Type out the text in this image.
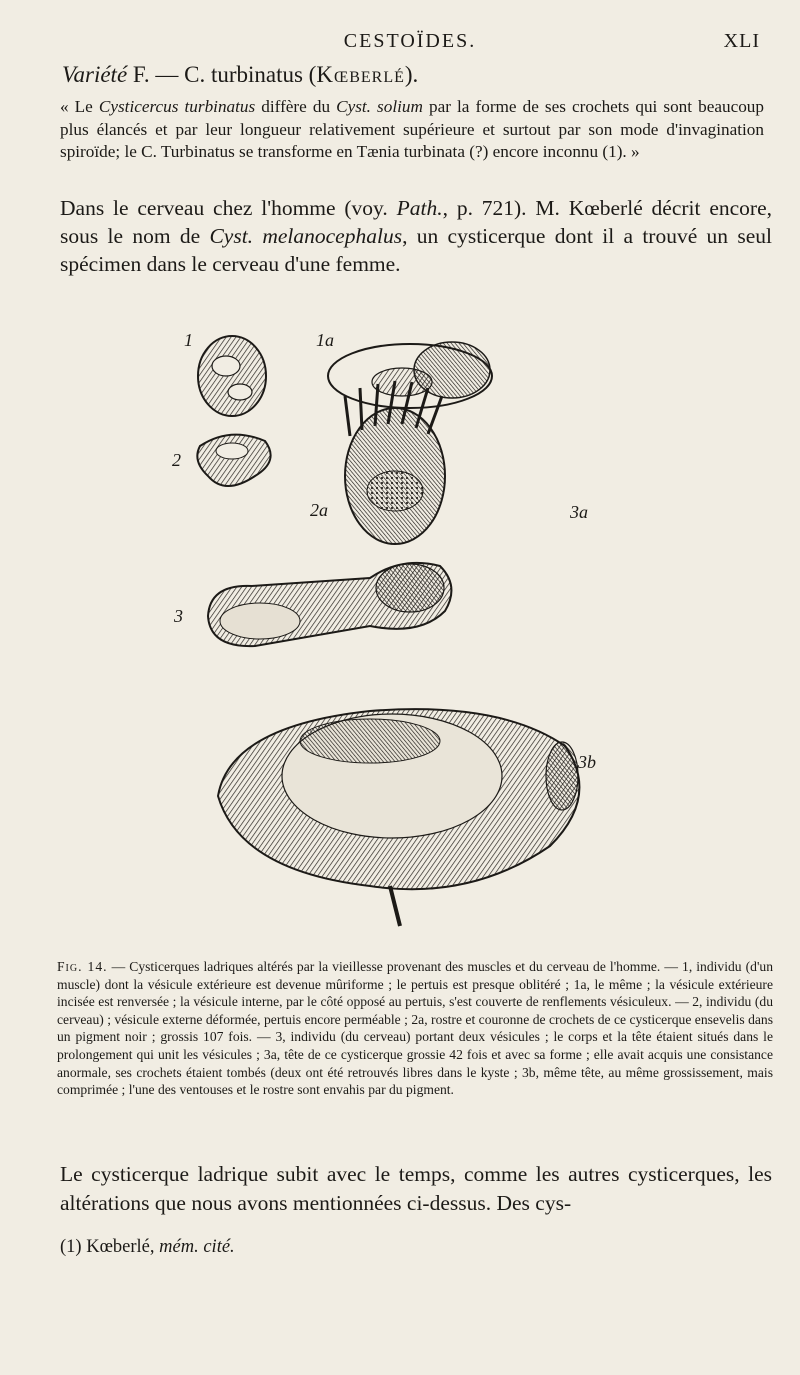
CESTOÏDES.	XLI
Variété F. — C. turbinatus (Kœberlé).

« Le Cysticercus turbinatus diffère du Cyst. solium par la forme de ses crochets qui sont beaucoup plus élancés et par leur longueur relativement supérieure et surtout par son mode d'invagination spiroïde; le C. Turbinatus se transforme en Tænia turbinata (?) encore inconnu (1). »

Dans le cerveau chez l'homme (voy. Path., p. 721). M. Kœberlé décrit encore, sous le nom de Cyst. melanocephalus, un cysticerque dont il a trouvé un seul spécimen dans le cerveau d'une femme.

1	1a
2
2a	3a
3
3b

Fig. 14. — Cysticerques ladriques altérés par la vieillesse provenant des muscles et du cerveau de l'homme. — 1, individu (d'un muscle) dont la vésicule extérieure est devenue mûriforme ; le pertuis est presque oblitéré ; 1a, le même ; la vésicule extérieure incisée est renversée ; la vésicule interne, par le côté opposé au pertuis, s'est couverte de renflements vésiculeux. — 2, individu (du cerveau) ; vésicule externe déformée, pertuis encore perméable ; 2a, rostre et couronne de crochets de ce cysticerque ensevelis dans un pigment noir ; grossis 107 fois. — 3, individu (du cerveau) portant deux vésicules ; le corps et la tête étaient situés dans le prolongement qui unit les vésicules ; 3a, tête de ce cysticerque grossie 42 fois et avec sa forme ; elle avait acquis une consistance anormale, ses crochets étaient tombés (deux ont été retrouvés libres dans le kyste ; 3b, même tête, au même grossissement, mais comprimée ; l'une des ventouses et le rostre sont envahis par du pigment.

Le cysticerque ladrique subit avec le temps, comme les autres cysticerques, les altérations que nous avons mentionnées ci-dessus. Des cys-

(1) Kœberlé, mém. cité.
